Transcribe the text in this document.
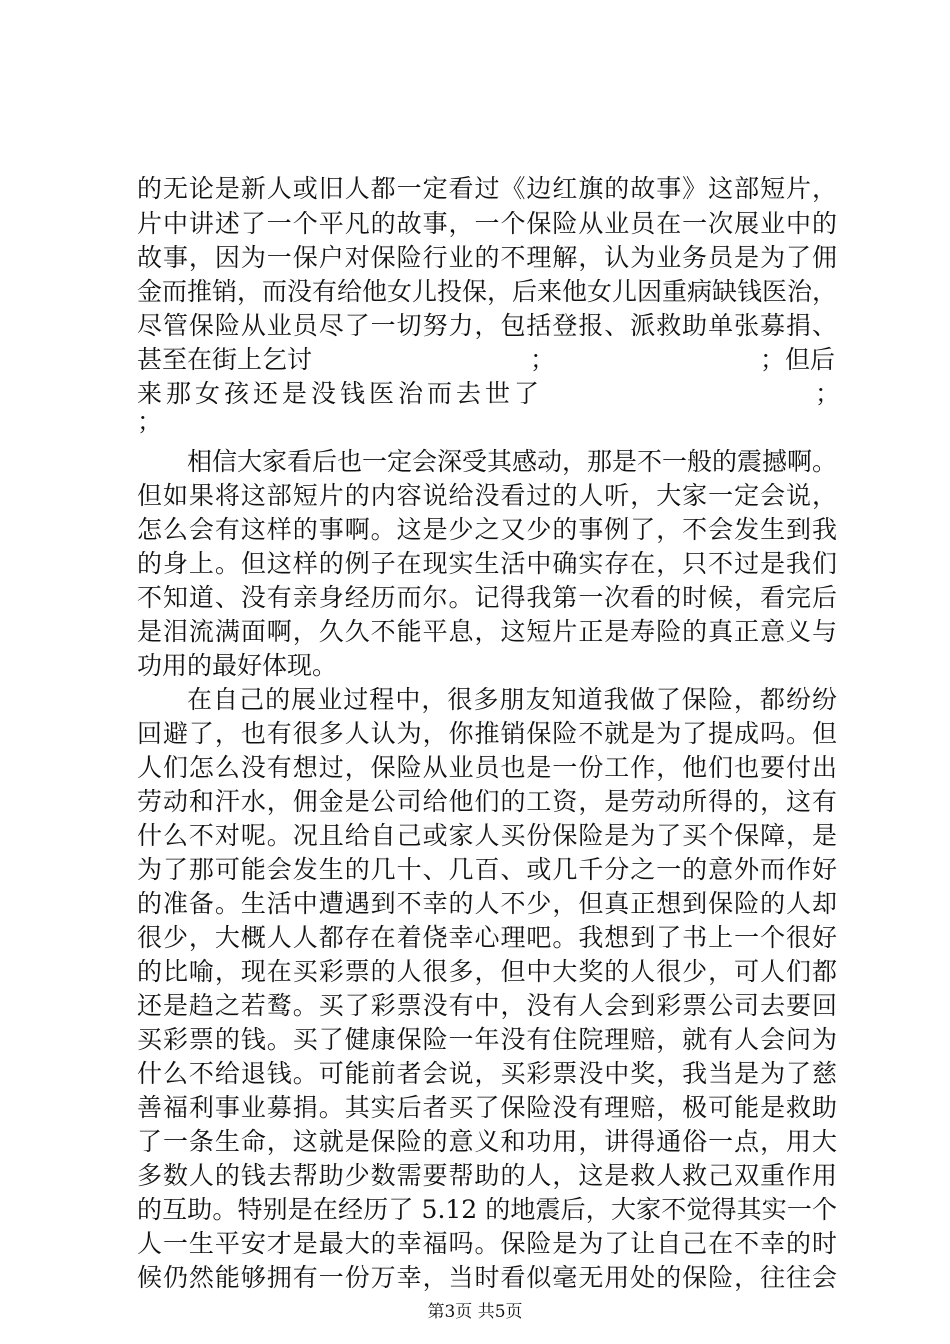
的无论是新人或旧人都一定看过《边红旗的故事》这部短片，
片中讲述了一个平凡的故事，一个保险从业员在一次展业中的
故事，因为一保户对保险行业的不理解，认为业务员是为了佣
金而推销，而没有给他女儿投保，后来他女儿因重病缺钱医治，
尽管保险从业员尽了一切努力，包括登报、派救助单张募捐、
甚至在街上乞讨	；	；但后
来那女孩还是没钱医治而去世了	；
；
相信大家看后也一定会深受其感动，那是不一般的震撼啊。
但如果将这部短片的内容说给没看过的人听，大家一定会说，
怎么会有这样的事啊。这是少之又少的事例了，不会发生到我
的身上。但这样的例子在现实生活中确实存在，只不过是我们
不知道、没有亲身经历而尔。记得我第一次看的时候，看完后
是泪流满面啊，久久不能平息，这短片正是寿险的真正意义与
功用的最好体现。
在自己的展业过程中，很多朋友知道我做了保险，都纷纷
回避了，也有很多人认为，你推销保险不就是为了提成吗。但
人们怎么没有想过，保险从业员也是一份工作，他们也要付出
劳动和汗水，佣金是公司给他们的工资，是劳动所得的，这有
什么不对呢。况且给自己或家人买份保险是为了买个保障，是
为了那可能会发生的几十、几百、或几千分之一的意外而作好
的准备。生活中遭遇到不幸的人不少，但真正想到保险的人却
很少，大概人人都存在着侥幸心理吧。我想到了书上一个很好
的比喻，现在买彩票的人很多，但中大奖的人很少，可人们都
还是趋之若鹜。买了彩票没有中，没有人会到彩票公司去要回
买彩票的钱。买了健康保险一年没有住院理赔，就有人会问为
什么不给退钱。可能前者会说，买彩票没中奖，我当是为了慈
善福利事业募捐。其实后者买了保险没有理赔，极可能是救助
了一条生命，这就是保险的意义和功用，讲得通俗一点，用大
多数人的钱去帮助少数需要帮助的人，这是救人救己双重作用
的互助。特别是在经历了 5.12 的地震后，大家不觉得其实一个
人一生平安才是最大的幸福吗。保险是为了让自己在不幸的时
候仍然能够拥有一份万幸，当时看似毫无用处的保险，往往会
第3页 共5页
